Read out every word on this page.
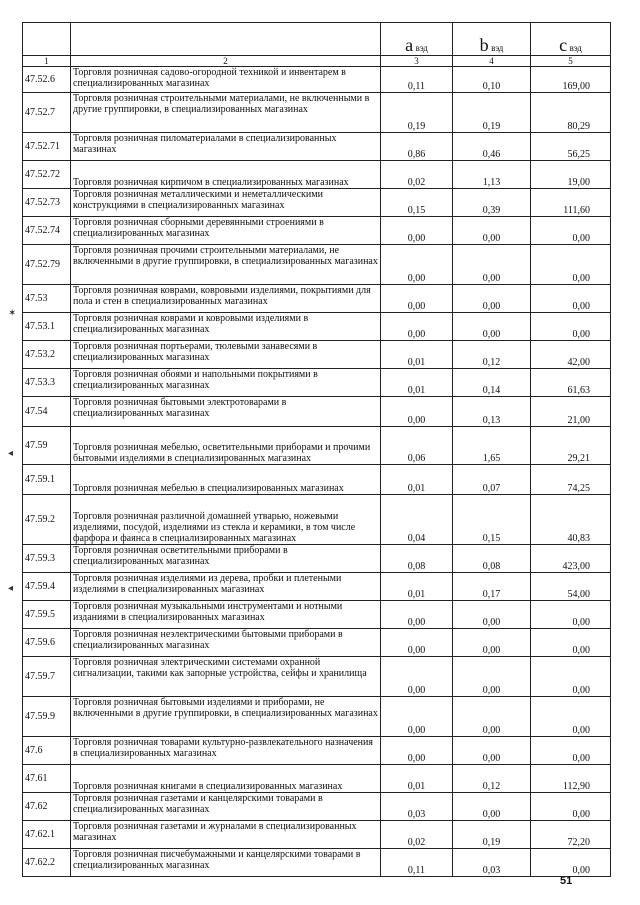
		a вэд	b вэд	c вэд
1	2	3	4	5
47.52.6	Торговля розничная садово-огородной техникой и инвентарем в специализированных магазинах	0,11	0,10	169,00
47.52.7	Торговля розничная строительными материалами, не включенными в другие группировки, в специализированных магазинах	0,19	0,19	80,29
47.52.71	Торговля розничная пиломатериалами в специализированных магазинах	0,86	0,46	56,25
47.52.72	Торговля розничная кирпичом в специализированных магазинах	0,02	1,13	19,00
47.52.73	Торговля розничная металлическими и неметаллическими конструкциями в специализированных магазинах	0,15	0,39	111,60
47.52.74	Торговля розничная сборными деревянными строениями в специализированных магазинах	0,00	0,00	0,00
47.52.79	Торговля розничная прочими строительными материалами, не включенными в другие группировки, в специализированных магазинах	0,00	0,00	0,00
47.53	Торговля розничная коврами, ковровыми изделиями, покрытиями для пола и стен в специализированных магазинах	0,00	0,00	0,00
47.53.1	Торговля розничная коврами и ковровыми изделиями в специализированных магазинах	0,00	0,00	0,00
47.53.2	Торговля розничная портьерами, тюлевыми занавесями в специализированных магазинах	0,01	0,12	42,00
47.53.3	Торговля розничная обоями и напольными покрытиями в специализированных магазинах	0,01	0,14	61,63
47.54	Торговля розничная бытовыми электротоварами в специализированных магазинах	0,00	0,13	21,00
47.59	Торговля розничная мебелью, осветительными приборами и прочими бытовыми изделиями в специализированных магазинах	0,06	1,65	29,21
47.59.1	Торговля розничная мебелью в специализированных магазинах	0,01	0,07	74,25
47.59.2	Торговля розничная различной домашней утварью, ножевыми изделиями, посудой, изделиями из стекла и керамики, в том числе фарфора и фаянса в специализированных магазинах	0,04	0,15	40,83
47.59.3	Торговля розничная осветительными приборами в специализированных магазинах	0,08	0,08	423,00
47.59.4	Торговля розничная изделиями из дерева, пробки и плетеными изделиями в специализированных магазинах	0,01	0,17	54,00
47.59.5	Торговля розничная музыкальными инструментами и нотными изданиями в специализированных магазинах	0,00	0,00	0,00
47.59.6	Торговля розничная неэлектрическими бытовыми приборами в специализированных магазинах	0,00	0,00	0,00
47.59.7	Торговля розничная электрическими системами охранной сигнализации, такими как запорные устройства, сейфы и хранилища	0,00	0,00	0,00
47.59.9	Торговля розничная бытовыми изделиями и приборами, не включенными в другие группировки, в специализированных магазинах	0,00	0,00	0,00
47.6	Торговля розничная товарами культурно-развлекательного назначения в специализированных магазинах	0,00	0,00	0,00
47.61	Торговля розничная книгами в специализированных магазинах	0,01	0,12	112,90
47.62	Торговля розничная газетами и канцелярскими товарами в специализированных магазинах	0,03	0,00	0,00
47.62.1	Торговля розничная газетами и журналами в специализированных магазинах	0,02	0,19	72,20
47.62.2	Торговля розничная писчебумажными и канцелярскими товарами в специализированных магазинах	0,11	0,03	0,00
✶
◂
◂
51
